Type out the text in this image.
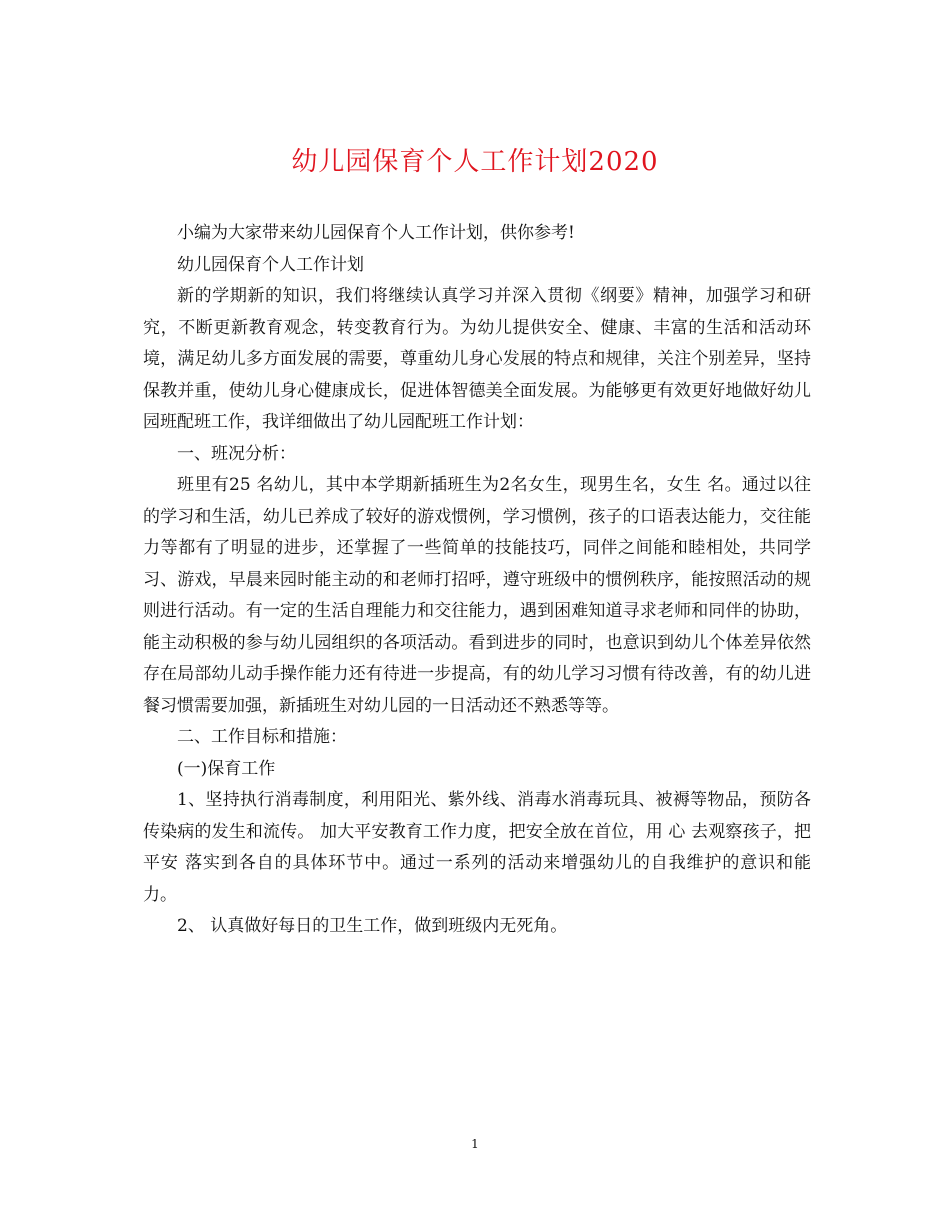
幼儿园保育个人工作计划2020

小编为大家带来幼儿园保育个人工作计划，供你参考!

幼儿园保育个人工作计划

新的学期新的知识，我们将继续认真学习并深入贯彻《纲要》精神，加强学习和研究，不断更新教育观念，转变教育行为。为幼儿提供安全、健康、丰富的生活和活动环境，满足幼儿多方面发展的需要，尊重幼儿身心发展的特点和规律，关注个别差异，坚持保教并重，使幼儿身心健康成长，促进体智德美全面发展。为能够更有效更好地做好幼儿园班配班工作，我详细做出了幼儿园配班工作计划：

一、班况分析：

班里有25 名幼儿，其中本学期新插班生为2名女生，现男生名，女生 名。通过以往的学习和生活，幼儿已养成了较好的游戏惯例，学习惯例，孩子的口语表达能力，交往能力等都有了明显的进步，还掌握了一些简单的技能技巧，同伴之间能和睦相处，共同学习、游戏，早晨来园时能主动的和老师打招呼，遵守班级中的惯例秩序，能按照活动的规则进行活动。有一定的生活自理能力和交往能力，遇到困难知道寻求老师和同伴的协助，能主动积极的参与幼儿园组织的各项活动。看到进步的同时，也意识到幼儿个体差异依然存在局部幼儿动手操作能力还有待进一步提高，有的幼儿学习习惯有待改善，有的幼儿进餐习惯需要加强，新插班生对幼儿园的一日活动还不熟悉等等。

二、工作目标和措施：

(一)保育工作

1、坚持执行消毒制度，利用阳光、紫外线、消毒水消毒玩具、被褥等物品，预防各传染病的发生和流传。 加大平安教育工作力度，把安全放在首位，用 心 去观察孩子，把 平安 落实到各自的具体环节中。通过一系列的活动来增强幼儿的自我维护的意识和能力。

2、 认真做好每日的卫生工作，做到班级内无死角。

1
